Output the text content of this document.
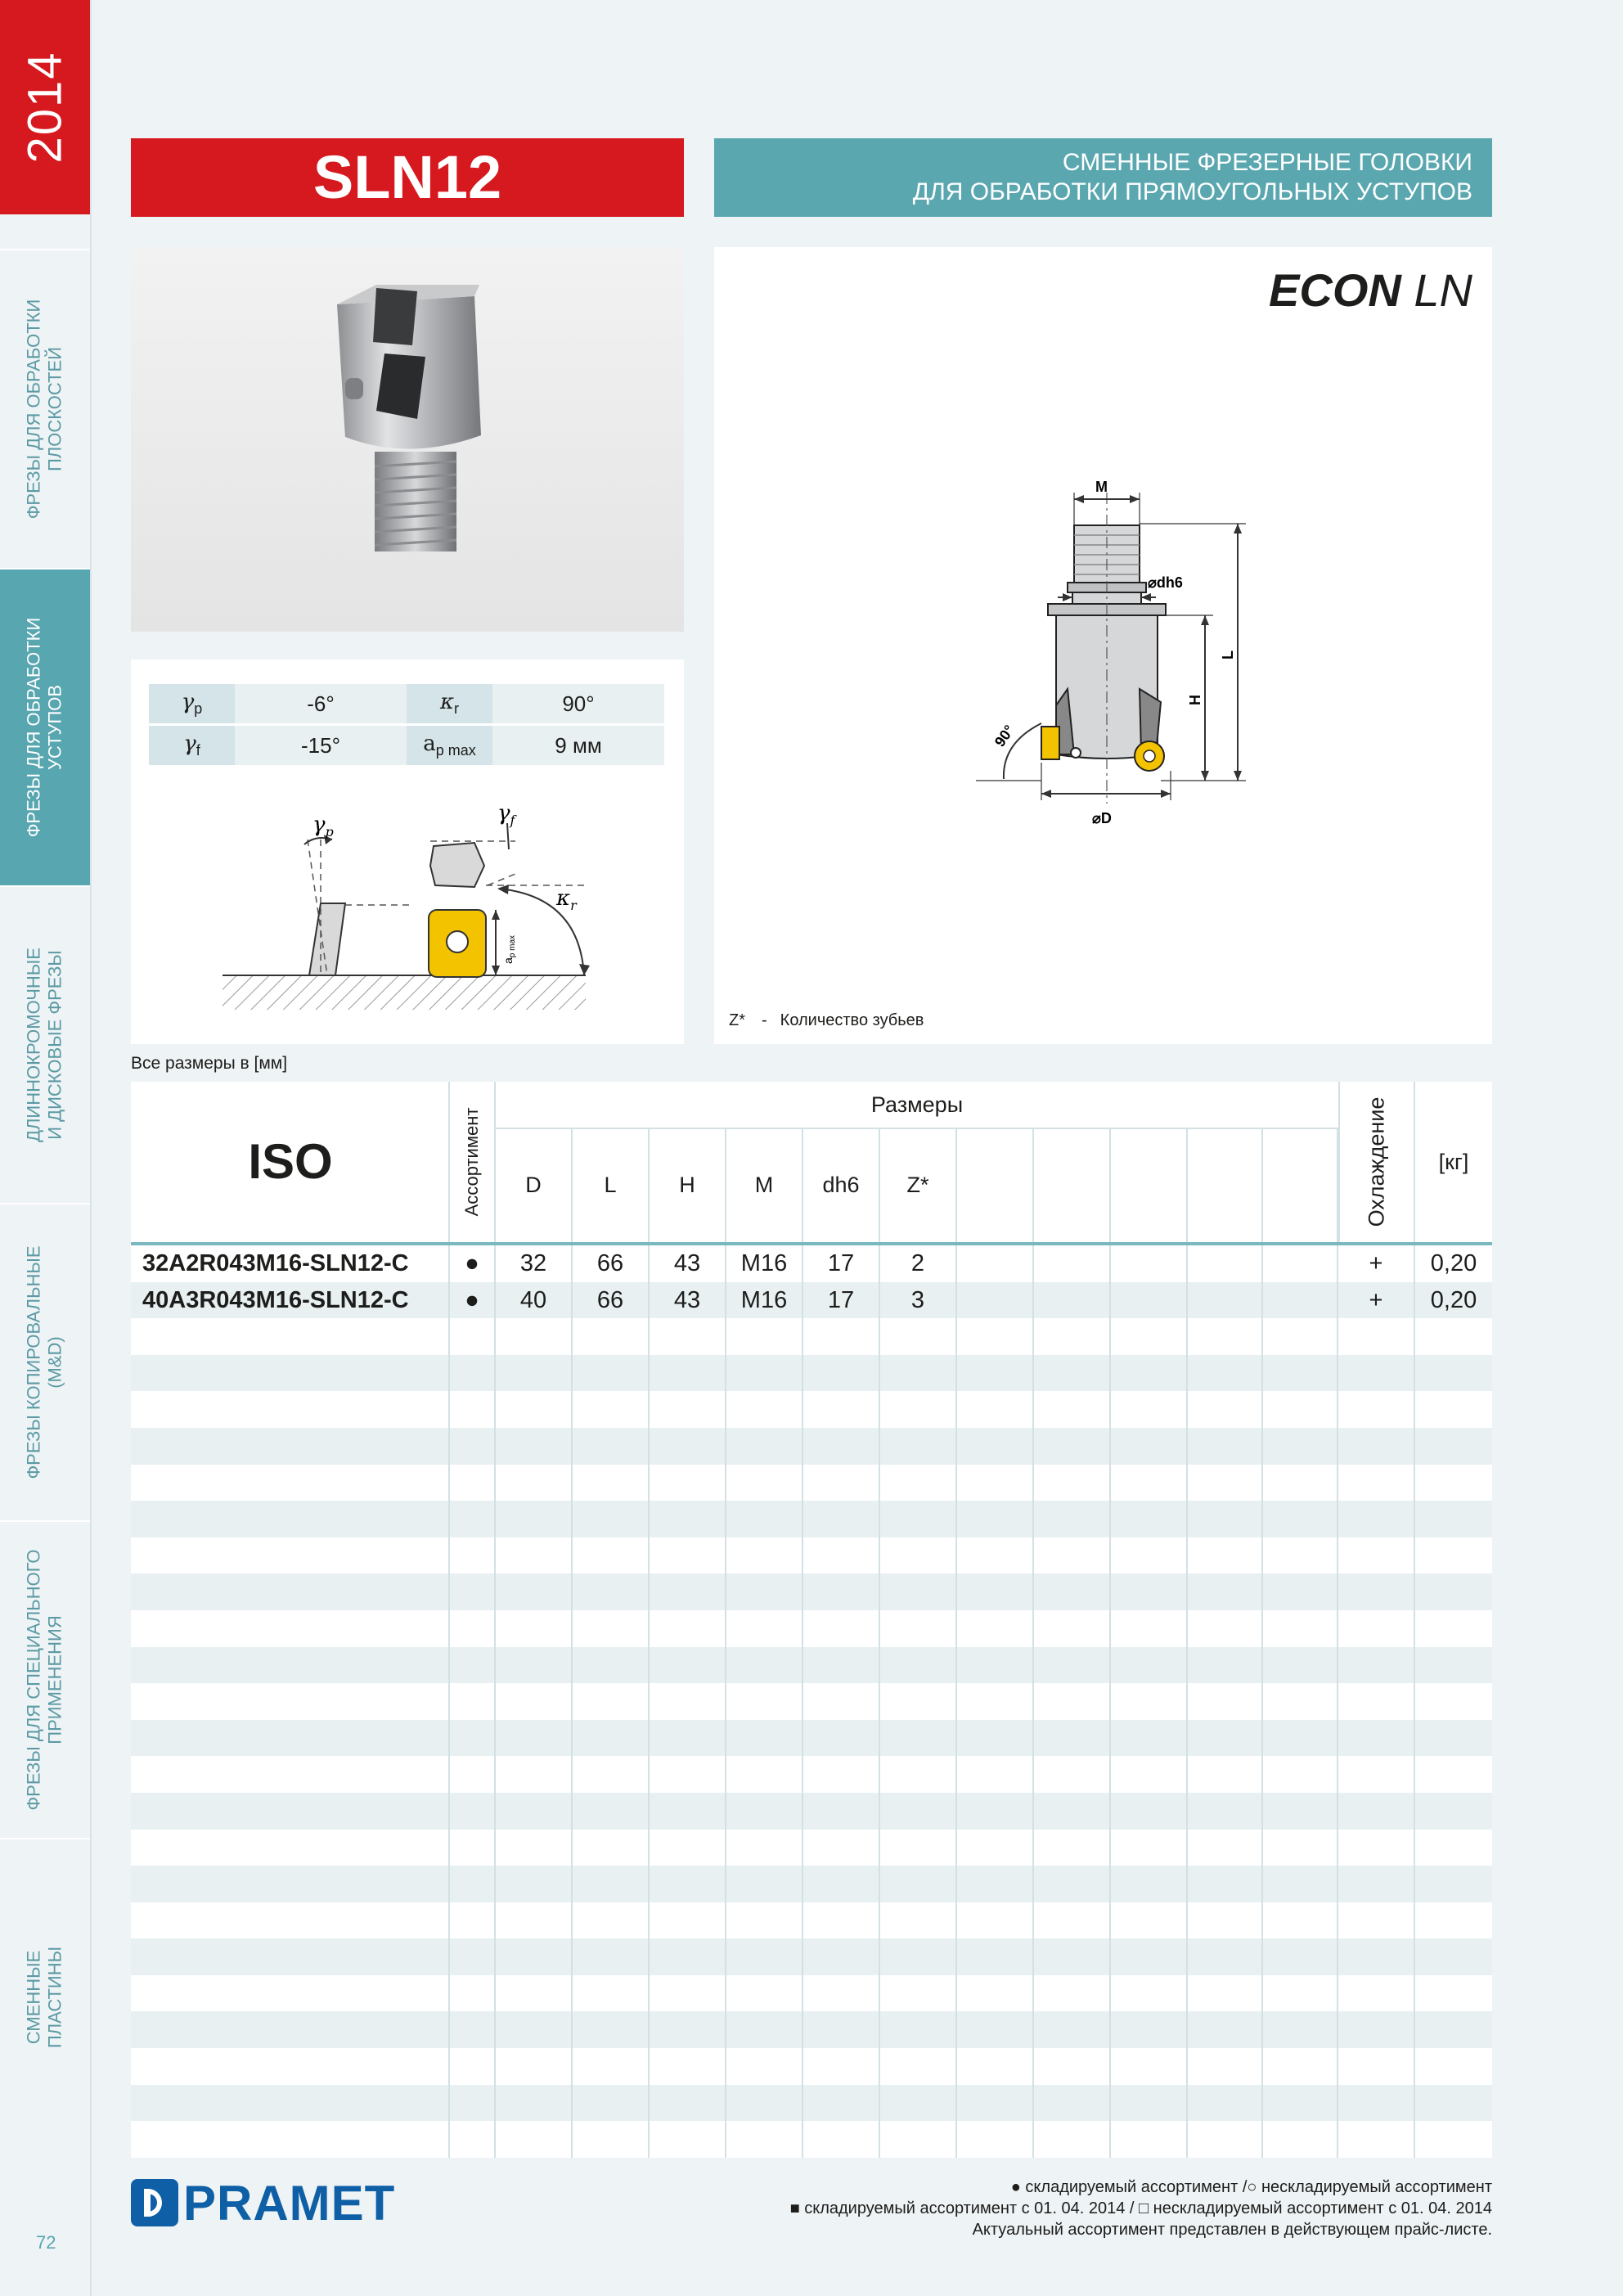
2014
ФРЕЗЫ ДЛЯ ОБРАБОТКИ
ПЛОСКОСТЕЙ
ФРЕЗЫ ДЛЯ ОБРАБОТКИ
УСТУПОВ
ДЛИННОКРОМОЧНЫЕ
И ДИСКОВЫЕ ФРЕЗЫ
ФРЕЗЫ КОПИРОВАЛЬНЫЕ
(M&D)
ФРЕЗЫ ДЛЯ СПЕЦИАЛЬНОГО
ПРИМЕНЕНИЯ
СМЕННЫЕ
ПЛАСТИНЫ
72
SLN12	СМЕННЫЕ ФРЕЗЕРНЫЕ ГОЛОВКИ
ДЛЯ ОБРАБОТКИ ПРЯМОУГОЛЬНЫХ УСТУПОВ
$\gamma_p$	-6°	$\kappa_r$	90°
$\gamma_f$	-15°	$a_{p max}$	9 мм
$\gamma_p$
$\gamma_f$
$\kappa_r$
$a_{p max}$
ECON LN
M
⌀dh6
L
H
⌀D
90°
Z* - Количество зубьев
Все размеры в [мм]
ISO	Ассортимент
Размеры
D	L	H	M	dh6	Z*	Охлаждение	[кг]
32A2R043M16-SLN12-C	●	32	66	43	M16	17	2	+	0,20
40A3R043M16-SLN12-C	●	40	66	43	M16	17	3	+	0,20
PRAMET	● складируемый ассортимент /○ нескладируемый ассортимент
■ складируемый ассортимент с 01. 04. 2014 / □ нескладируемый ассортимент с 01. 04. 2014
Актуальный ассортимент представлен в действующем прайс-листе.
